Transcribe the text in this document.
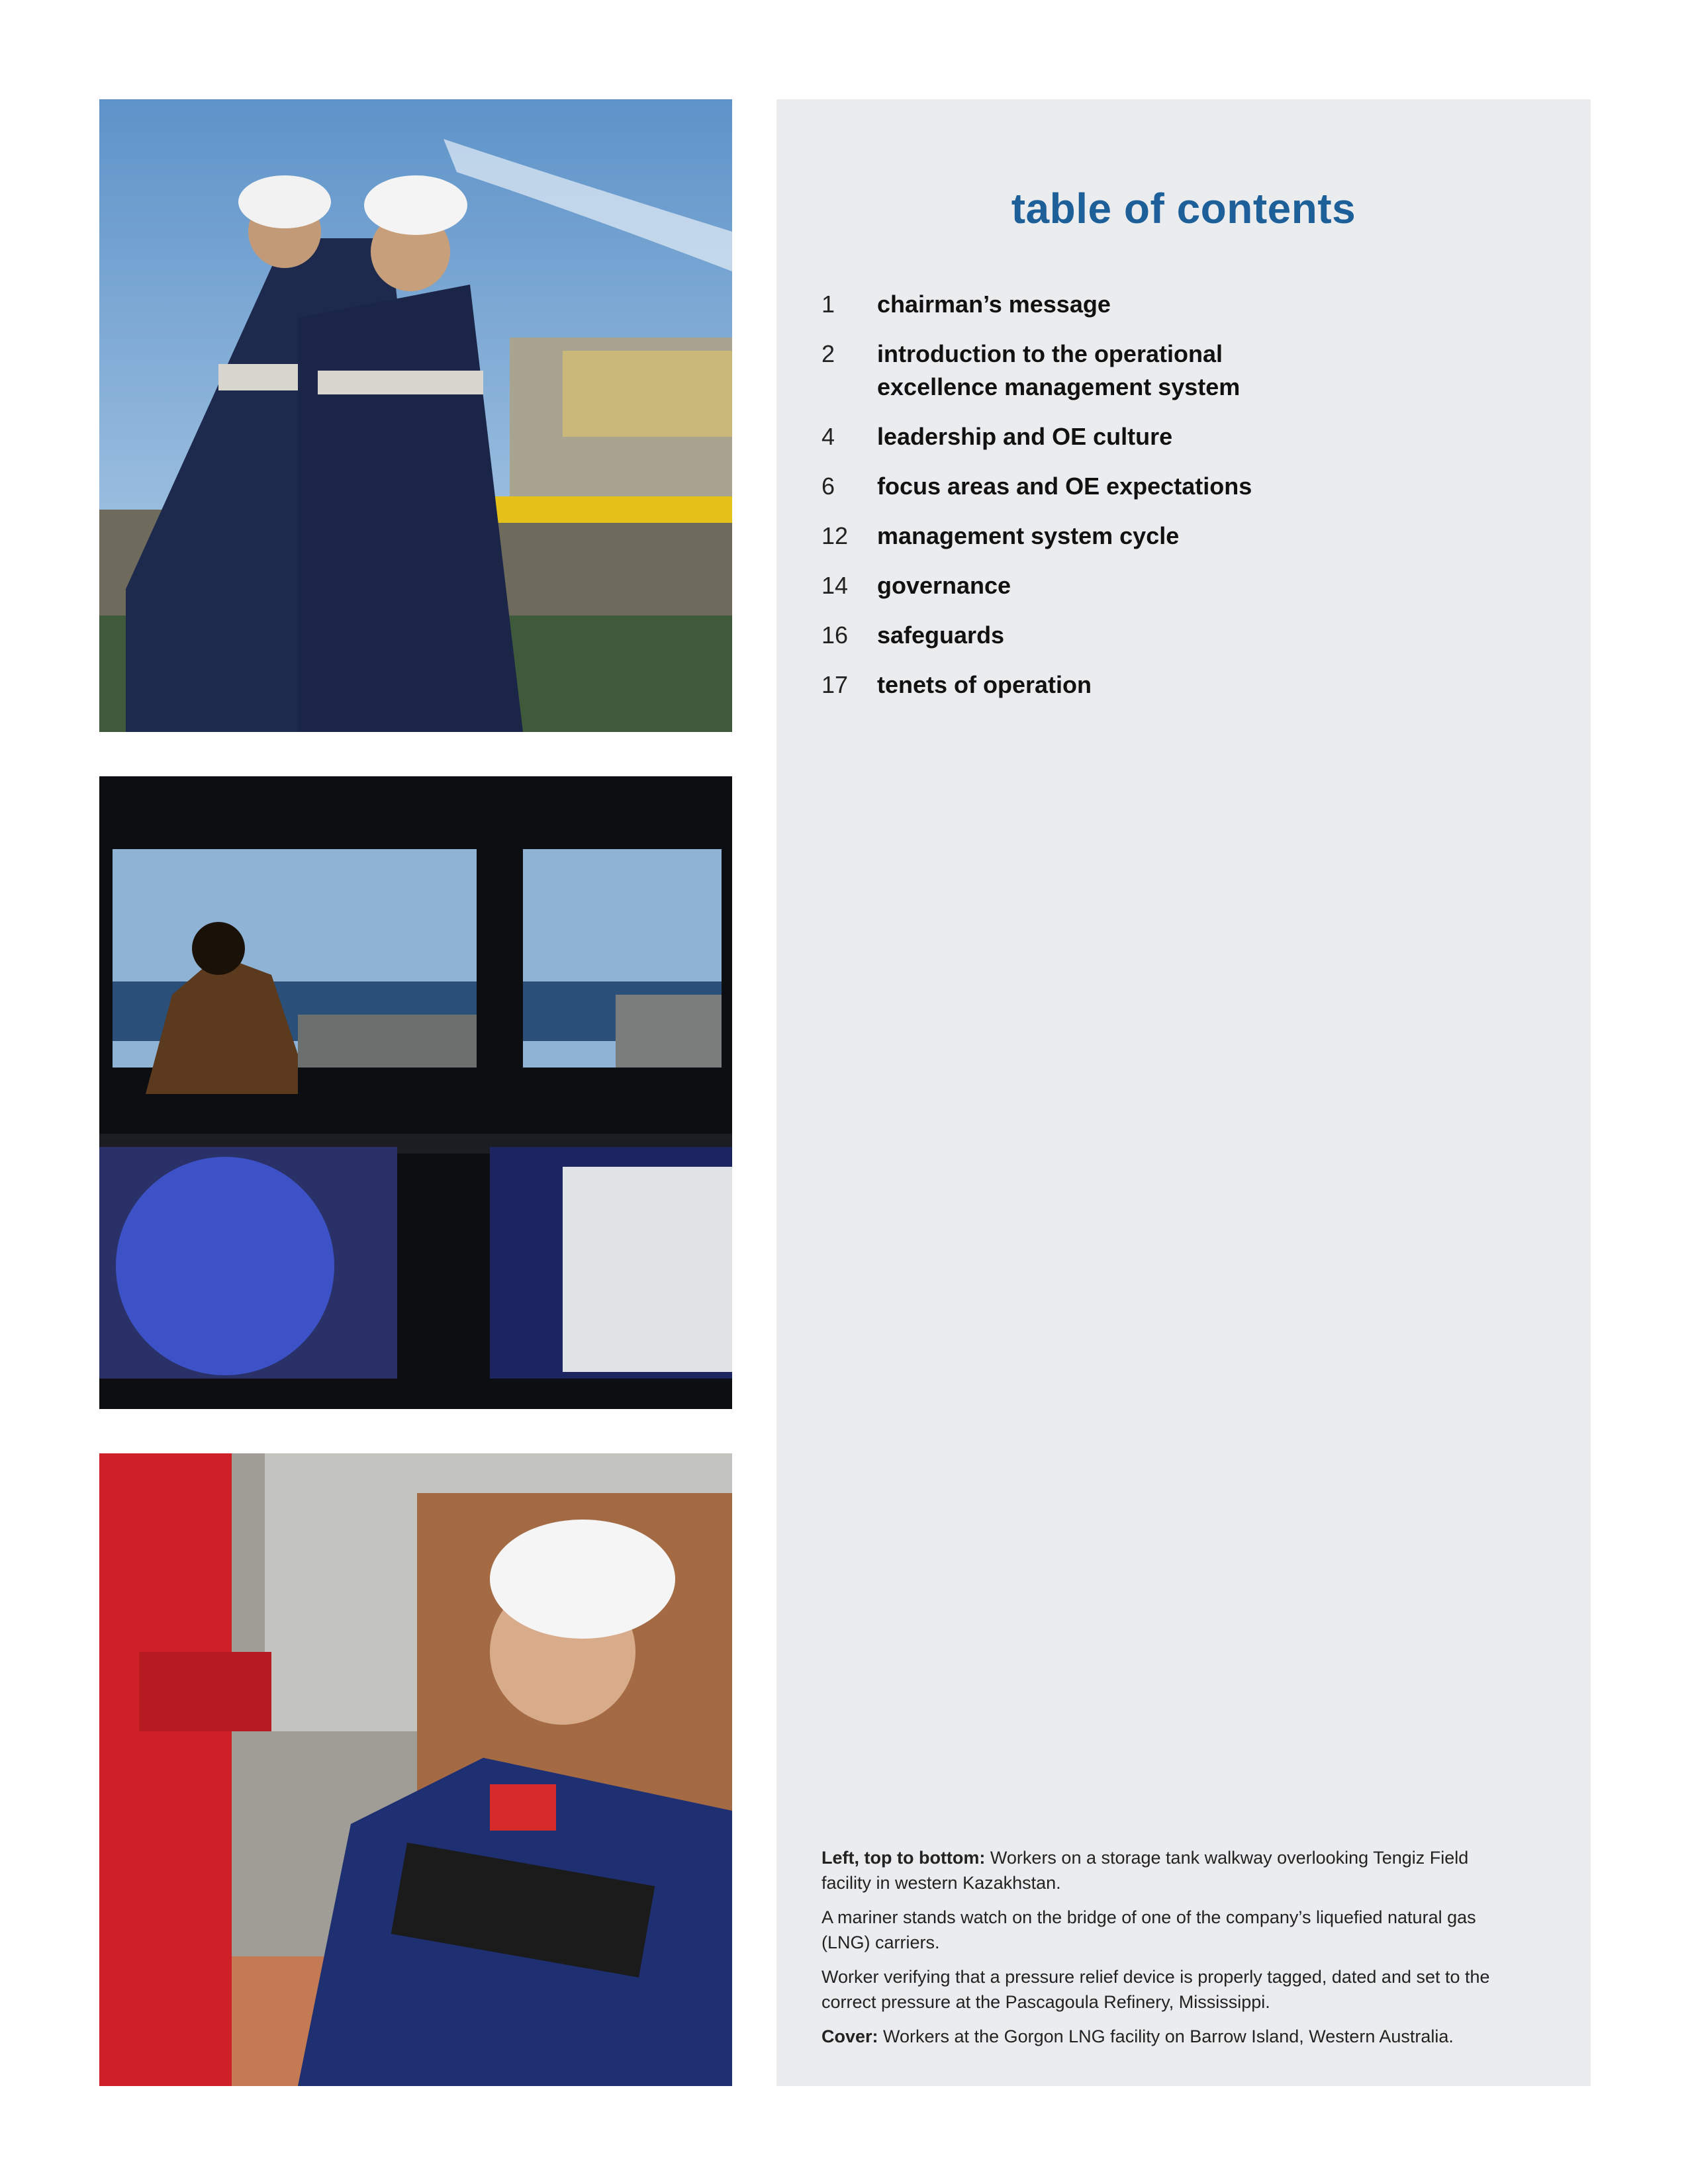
table of contents
1	chairman’s message
2	introduction to the operational excellence management system
4	leadership and OE culture
6	focus areas and OE expectations
12	management system cycle
14	governance
16	safeguards
17	tenets of operation

Left, top to bottom: Workers on a storage tank walkway overlooking Tengiz Field facility in western Kazakhstan.

A mariner stands watch on the bridge of one of the company’s liquefied natural gas (LNG) carriers.

Worker verifying that a pressure relief device is properly tagged, dated and set to the correct pressure at the Pascagoula Refinery, Mississippi.

Cover: Workers at the Gorgon LNG facility on Barrow Island, Western Australia.
